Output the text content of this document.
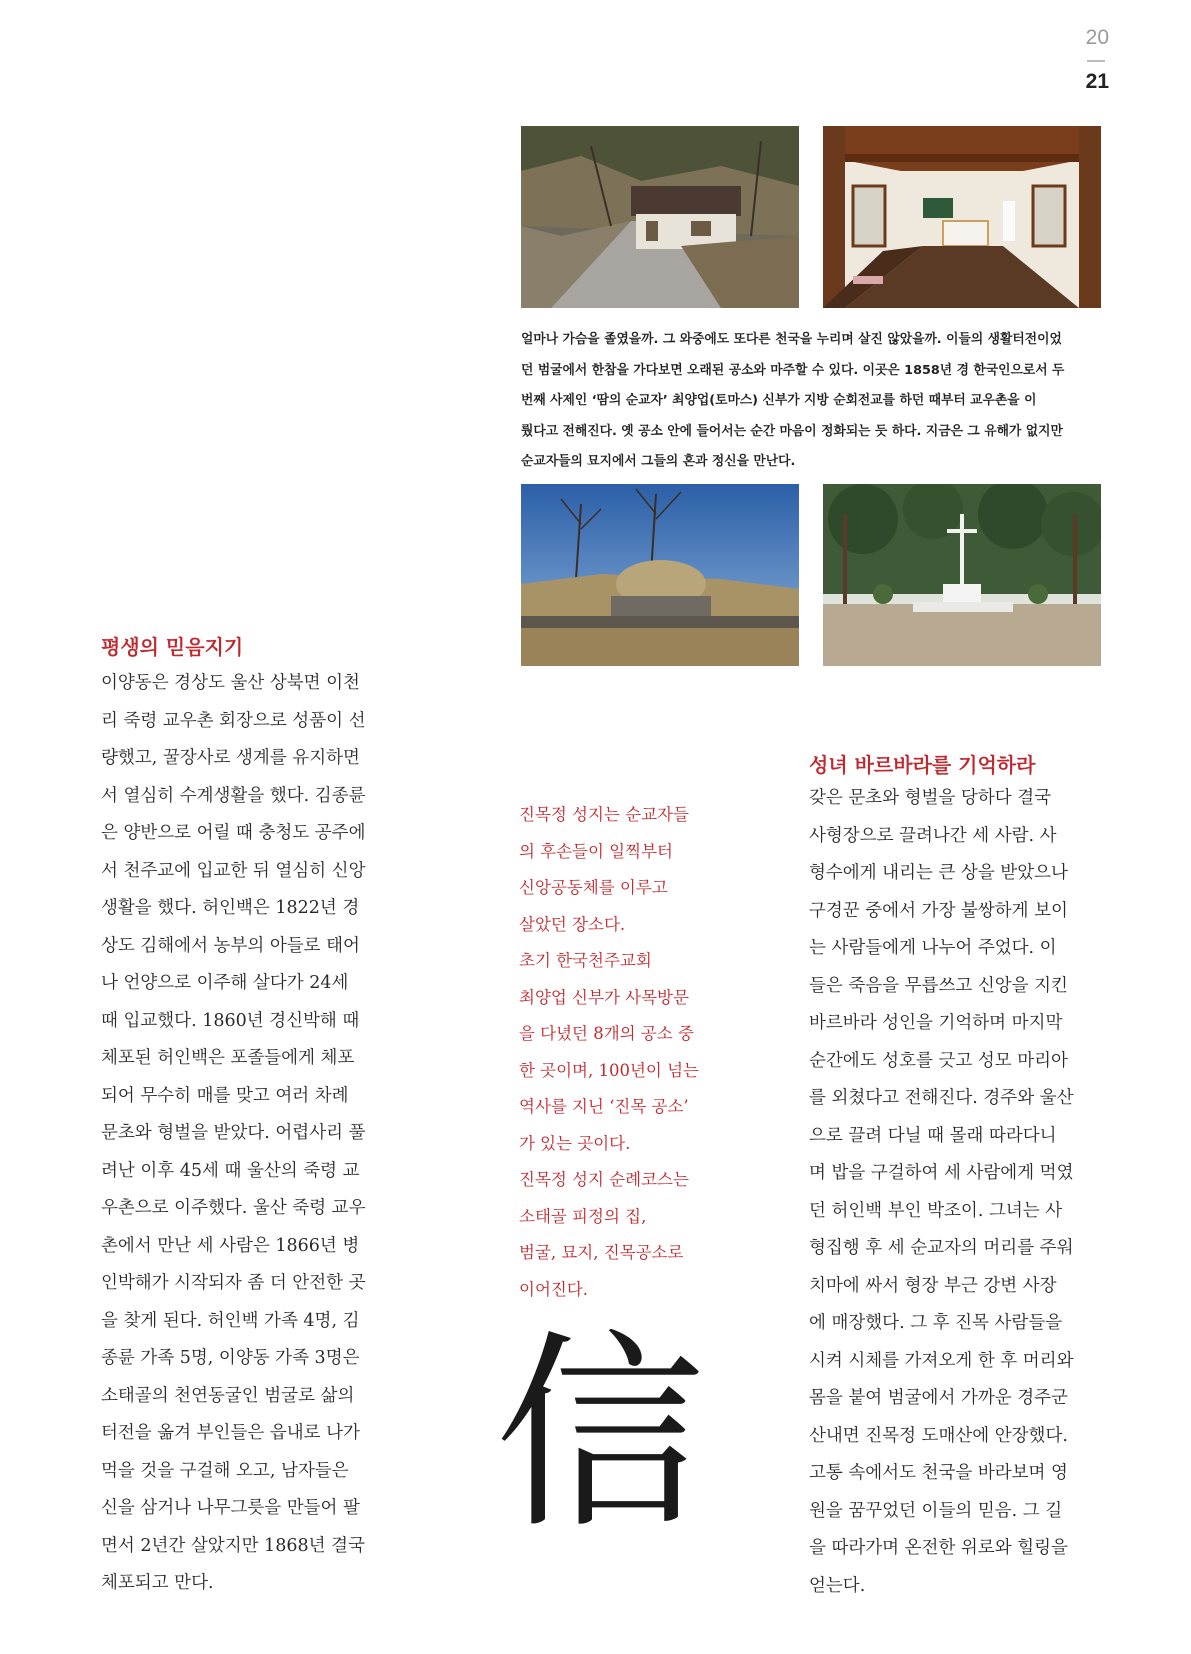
20
21
얼마나 가슴을 졸였을까. 그 와중에도 또다른 천국을 누리며 살진 않았을까. 이들의 생활터전이었
던 범굴에서 한참을 가다보면 오래된 공소와 마주할 수 있다. 이곳은 1858년 경 한국인으로서 두
번째 사제인 ‘땀의 순교자’ 최양업(토마스) 신부가 지방 순회전교를 하던 때부터 교우촌을 이
뤘다고 전해진다. 옛 공소 안에 들어서는 순간 마음이 정화되는 듯 하다. 지금은 그 유해가 없지만
순교자들의 묘지에서 그들의 혼과 정신을 만난다.
평생의 믿음지기
이양동은 경상도 울산 상북면 이천
리 죽령 교우촌 회장으로 성품이 선
량했고, 꿀장사로 생계를 유지하면
서 열심히 수계생활을 했다. 김종륜
은 양반으로 어릴 때 충청도 공주에
서 천주교에 입교한 뒤 열심히 신앙
생활을 했다. 허인백은 1822년 경
상도 김해에서 농부의 아들로 태어
나 언양으로 이주해 살다가 24세
때 입교했다. 1860년 경신박해 때
체포된 허인백은 포졸들에게 체포
되어 무수히 매를 맞고 여러 차례
문초와 형벌을 받았다. 어렵사리 풀
려난 이후 45세 때 울산의 죽령 교
우촌으로 이주했다. 울산 죽령 교우
촌에서 만난 세 사람은 1866년 병
인박해가 시작되자 좀 더 안전한 곳
을 찾게 된다. 허인백 가족 4명, 김
종륜 가족 5명, 이양동 가족 3명은
소태골의 천연동굴인 범굴로 삶의
터전을 옮겨 부인들은 읍내로 나가
먹을 것을 구걸해 오고, 남자들은
신을 삼거나 나무그릇을 만들어 팔
면서 2년간 살았지만 1868년 결국
체포되고 만다.
진목정 성지는 순교자들
의 후손들이 일찍부터
신앙공동체를 이루고
살았던 장소다.
초기 한국천주교회
최양업 신부가 사목방문
을 다녔던 8개의 공소 중
한 곳이며, 100년이 넘는
역사를 지닌 ‘진목 공소’
가 있는 곳이다.
진목정 성지 순례코스는
소태골 피정의 집,
범굴, 묘지, 진목공소로
이어진다.
信
성녀 바르바라를 기억하라
갖은 문초와 형벌을 당하다 결국
사형장으로 끌려나간 세 사람. 사
형수에게 내리는 큰 상을 받았으나
구경꾼 중에서 가장 불쌍하게 보이
는 사람들에게 나누어 주었다. 이
들은 죽음을 무릅쓰고 신앙을 지킨
바르바라 성인을 기억하며 마지막
순간에도 성호를 긋고 성모 마리아
를 외쳤다고 전해진다. 경주와 울산
으로 끌려 다닐 때 몰래 따라다니
며 밥을 구걸하여 세 사람에게 먹였
던 허인백 부인 박조이. 그녀는 사
형집행 후 세 순교자의 머리를 주워
치마에 싸서 형장 부근 강변 사장
에 매장했다. 그 후 진목 사람들을
시켜 시체를 가져오게 한 후 머리와
몸을 붙여 범굴에서 가까운 경주군
산내면 진목정 도매산에 안장했다.
고통 속에서도 천국을 바라보며 영
원을 꿈꾸었던 이들의 믿음. 그 길
을 따라가며 온전한 위로와 힐링을
얻는다.
